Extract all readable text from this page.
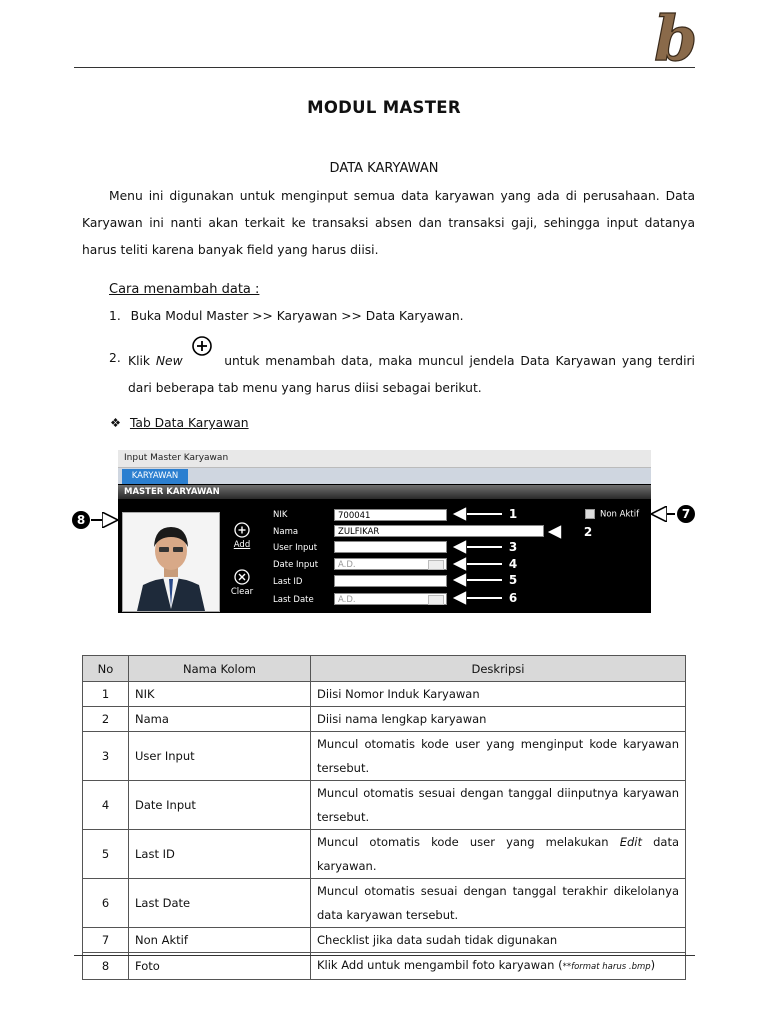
b
MODUL MASTER
DATA KARYAWAN

Menu ini digunakan untuk menginput semua data karyawan yang ada di perusahaan. Data Karyawan ini nanti akan terkait ke transaksi absen dan transaksi gaji, sehingga input datanya harus teliti karena banyak field yang harus diisi.

Cara menambah data :
1. Buka Modul Master >> Karyawan >> Data Karyawan.
2. Klik New	untuk menambah data, maka muncul jendela Data Karyawan yang terdiri dari beberapa tab menu yang harus diisi sebagai berikut.
❖ Tab Data Karyawan
Input Master Karyawan
KARYAWAN
MASTER KARYAWAN
Add
Clear
NIK	700041
Nama	ZULFIKAR
User Input
Date Input	A.D.
Last ID
Last Date	A.D.
Non Aktif
1
2
3
4
5
6
7
8
No	Nama Kolom	Deskripsi
1	NIK	Diisi Nomor Induk Karyawan
2	Nama	Diisi nama lengkap karyawan
3	User Input	Muncul otomatis kode user yang menginput kode karyawan tersebut.
4	Date Input	Muncul otomatis sesuai dengan tanggal diinputnya karyawan tersebut.
5	Last ID	Muncul otomatis kode user yang melakukan Edit data karyawan.
6	Last Date	Muncul otomatis sesuai dengan tanggal terakhir dikelolanya data karyawan tersebut.
7	Non Aktif	Checklist jika data sudah tidak digunakan
8	Foto	Klik Add untuk mengambil foto karyawan (**format harus .bmp)
